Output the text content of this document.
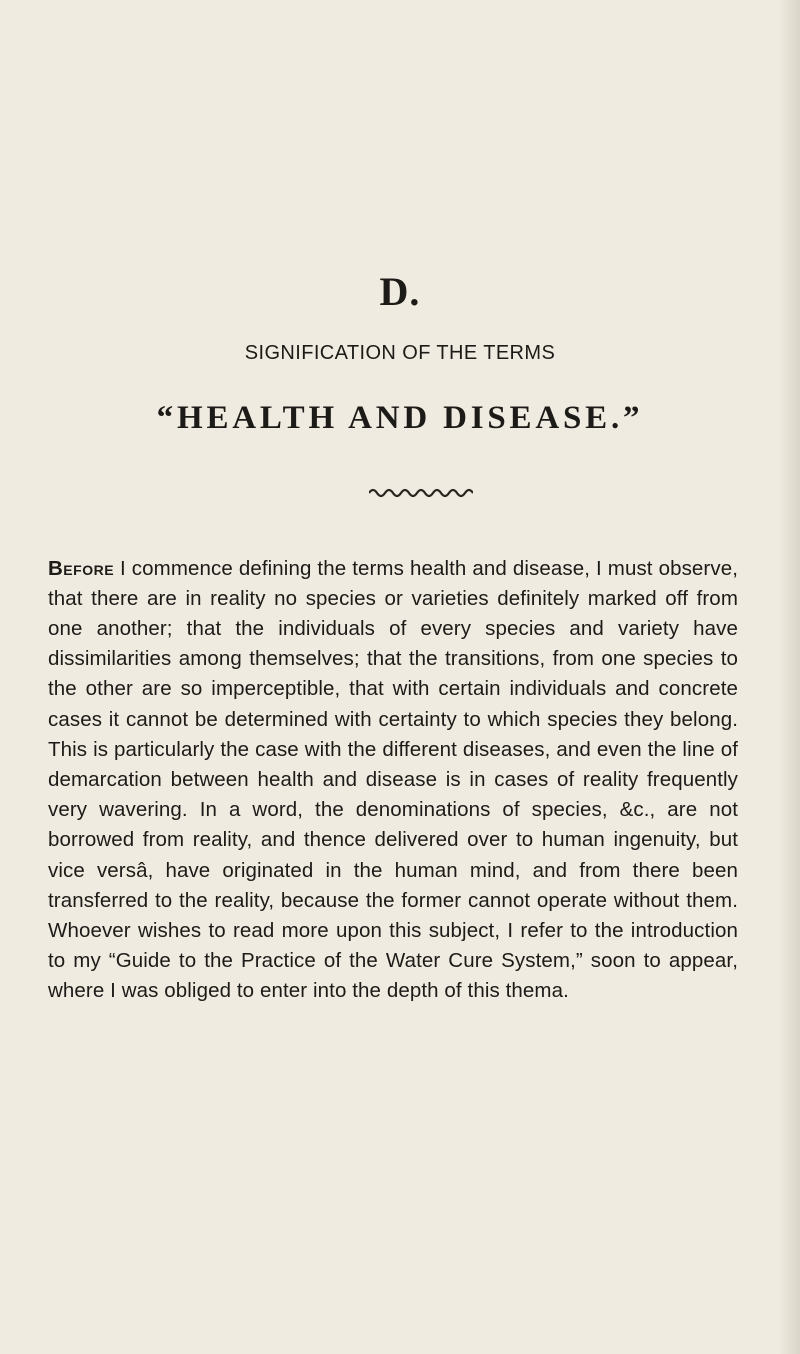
D.
SIGNIFICATION OF THE TERMS
“HEALTH AND DISEASE.”

Before I commence defining the terms health and disease, I must observe, that there are in reality no species or varieties definitely marked off from one another; that the individuals of every species and variety have dissimilarities among themselves; that the transitions, from one species to the other are so imperceptible, that with certain individuals and concrete cases it cannot be determined with certainty to which species they belong. This is particularly the case with the different diseases, and even the line of demarcation between health and disease is in cases of reality frequently very wavering. In a word, the denominations of species, &c., are not borrowed from reality, and thence delivered over to human ingenuity, but vice versâ, have originated in the human mind, and from there been transferred to the reality, because the former cannot operate without them. Whoever wishes to read more upon this subject, I refer to the introduction to my “Guide to the Practice of the Water Cure System,” soon to appear, where I was obliged to enter into the depth of this thema.
